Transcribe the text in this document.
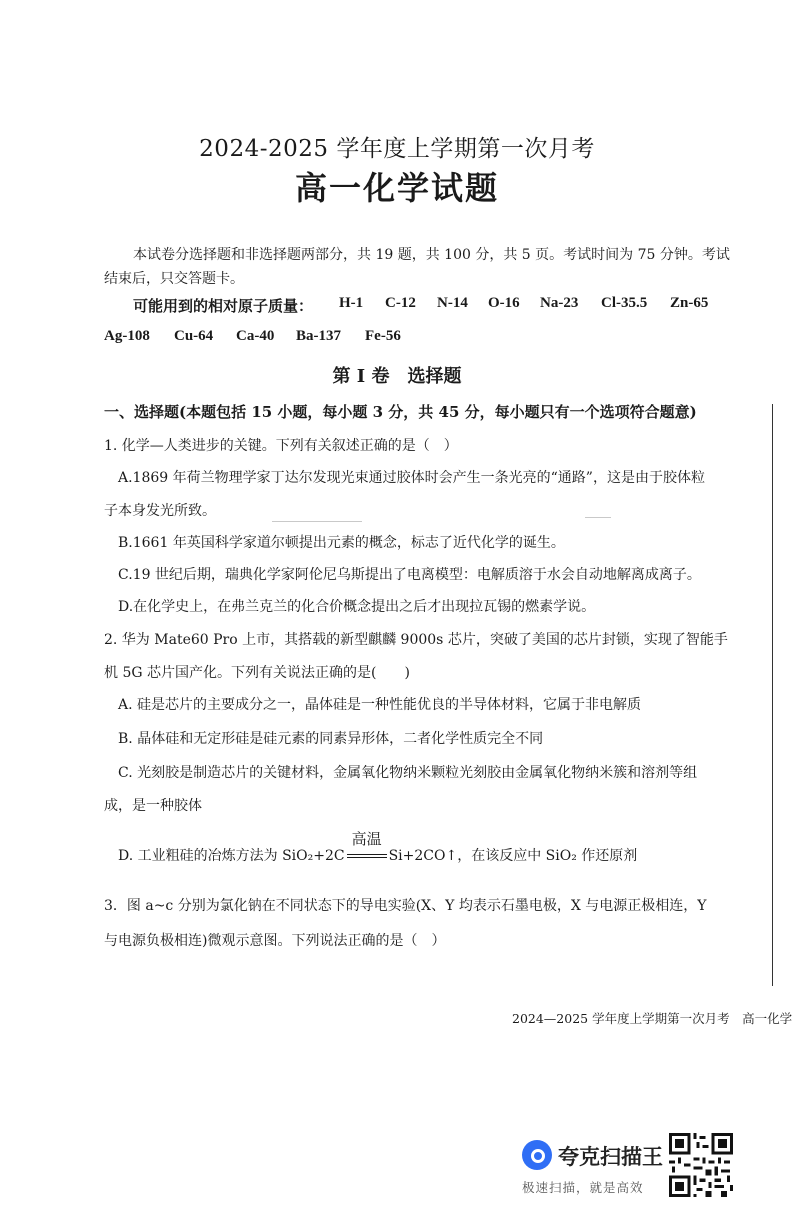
2024-2025 学年度上学期第一次月考
高一化学试题
本试卷分选择题和非选择题两部分，共 19 题，共 100 分，共 5 页。考试时间为 75 分钟。考试
结束后，只交答题卡。
可能用到的相对原子质量： H-1 C-12 N-14 O-16 Na-23 Cl-35.5 Zn-65
Ag-108 Cu-64 Ca-40 Ba-137 Fe-56
第 Ⅰ 卷　选择题
一、选择题(本题包括 15 小题，每小题 3 分，共 45 分，每小题只有一个选项符合题意)
1. 化学—人类进步的关键。下列有关叙述正确的是（　）
A.1869 年荷兰物理学家丁达尔发现光束通过胶体时会产生一条光亮的“通路”，这是由于胶体粒
子本身发光所致。
B.1661 年英国科学家道尔顿提出元素的概念，标志了近代化学的诞生。
C.19 世纪后期，瑞典化学家阿伦尼乌斯提出了电离模型：电解质溶于水会自动地解离成离子。
D.在化学史上，在弗兰克兰的化合价概念提出之后才出现拉瓦锡的燃素学说。
2. 华为 Mate60 Pro 上市，其搭载的新型麒麟 9000s 芯片，突破了美国的芯片封锁，实现了智能手
机 5G 芯片国产化。下列有关说法正确的是(　　)
A. 硅是芯片的主要成分之一，晶体硅是一种性能优良的半导体材料，它属于非电解质
B. 晶体硅和无定形硅是硅元素的同素异形体，二者化学性质完全不同
C. 光刻胶是制造芯片的关键材料，金属氧化物纳米颗粒光刻胶由金属氧化物纳米簇和溶剂等组
成，是一种胶体
D. 工业粗硅的冶炼方法为 SiO₂+2C
高温
Si+2CO↑，在该反应中 SiO₂ 作还原剂
3．图 a~c 分别为氯化钠在不同状态下的导电实验(X、Y 均表示石墨电极，X 与电源正极相连，Y
与电源负极相连)微观示意图。下列说法正确的是（　）
2024—2025 学年度上学期第一次月考　高一化学
夸克扫描王
极速扫描，就是高效
